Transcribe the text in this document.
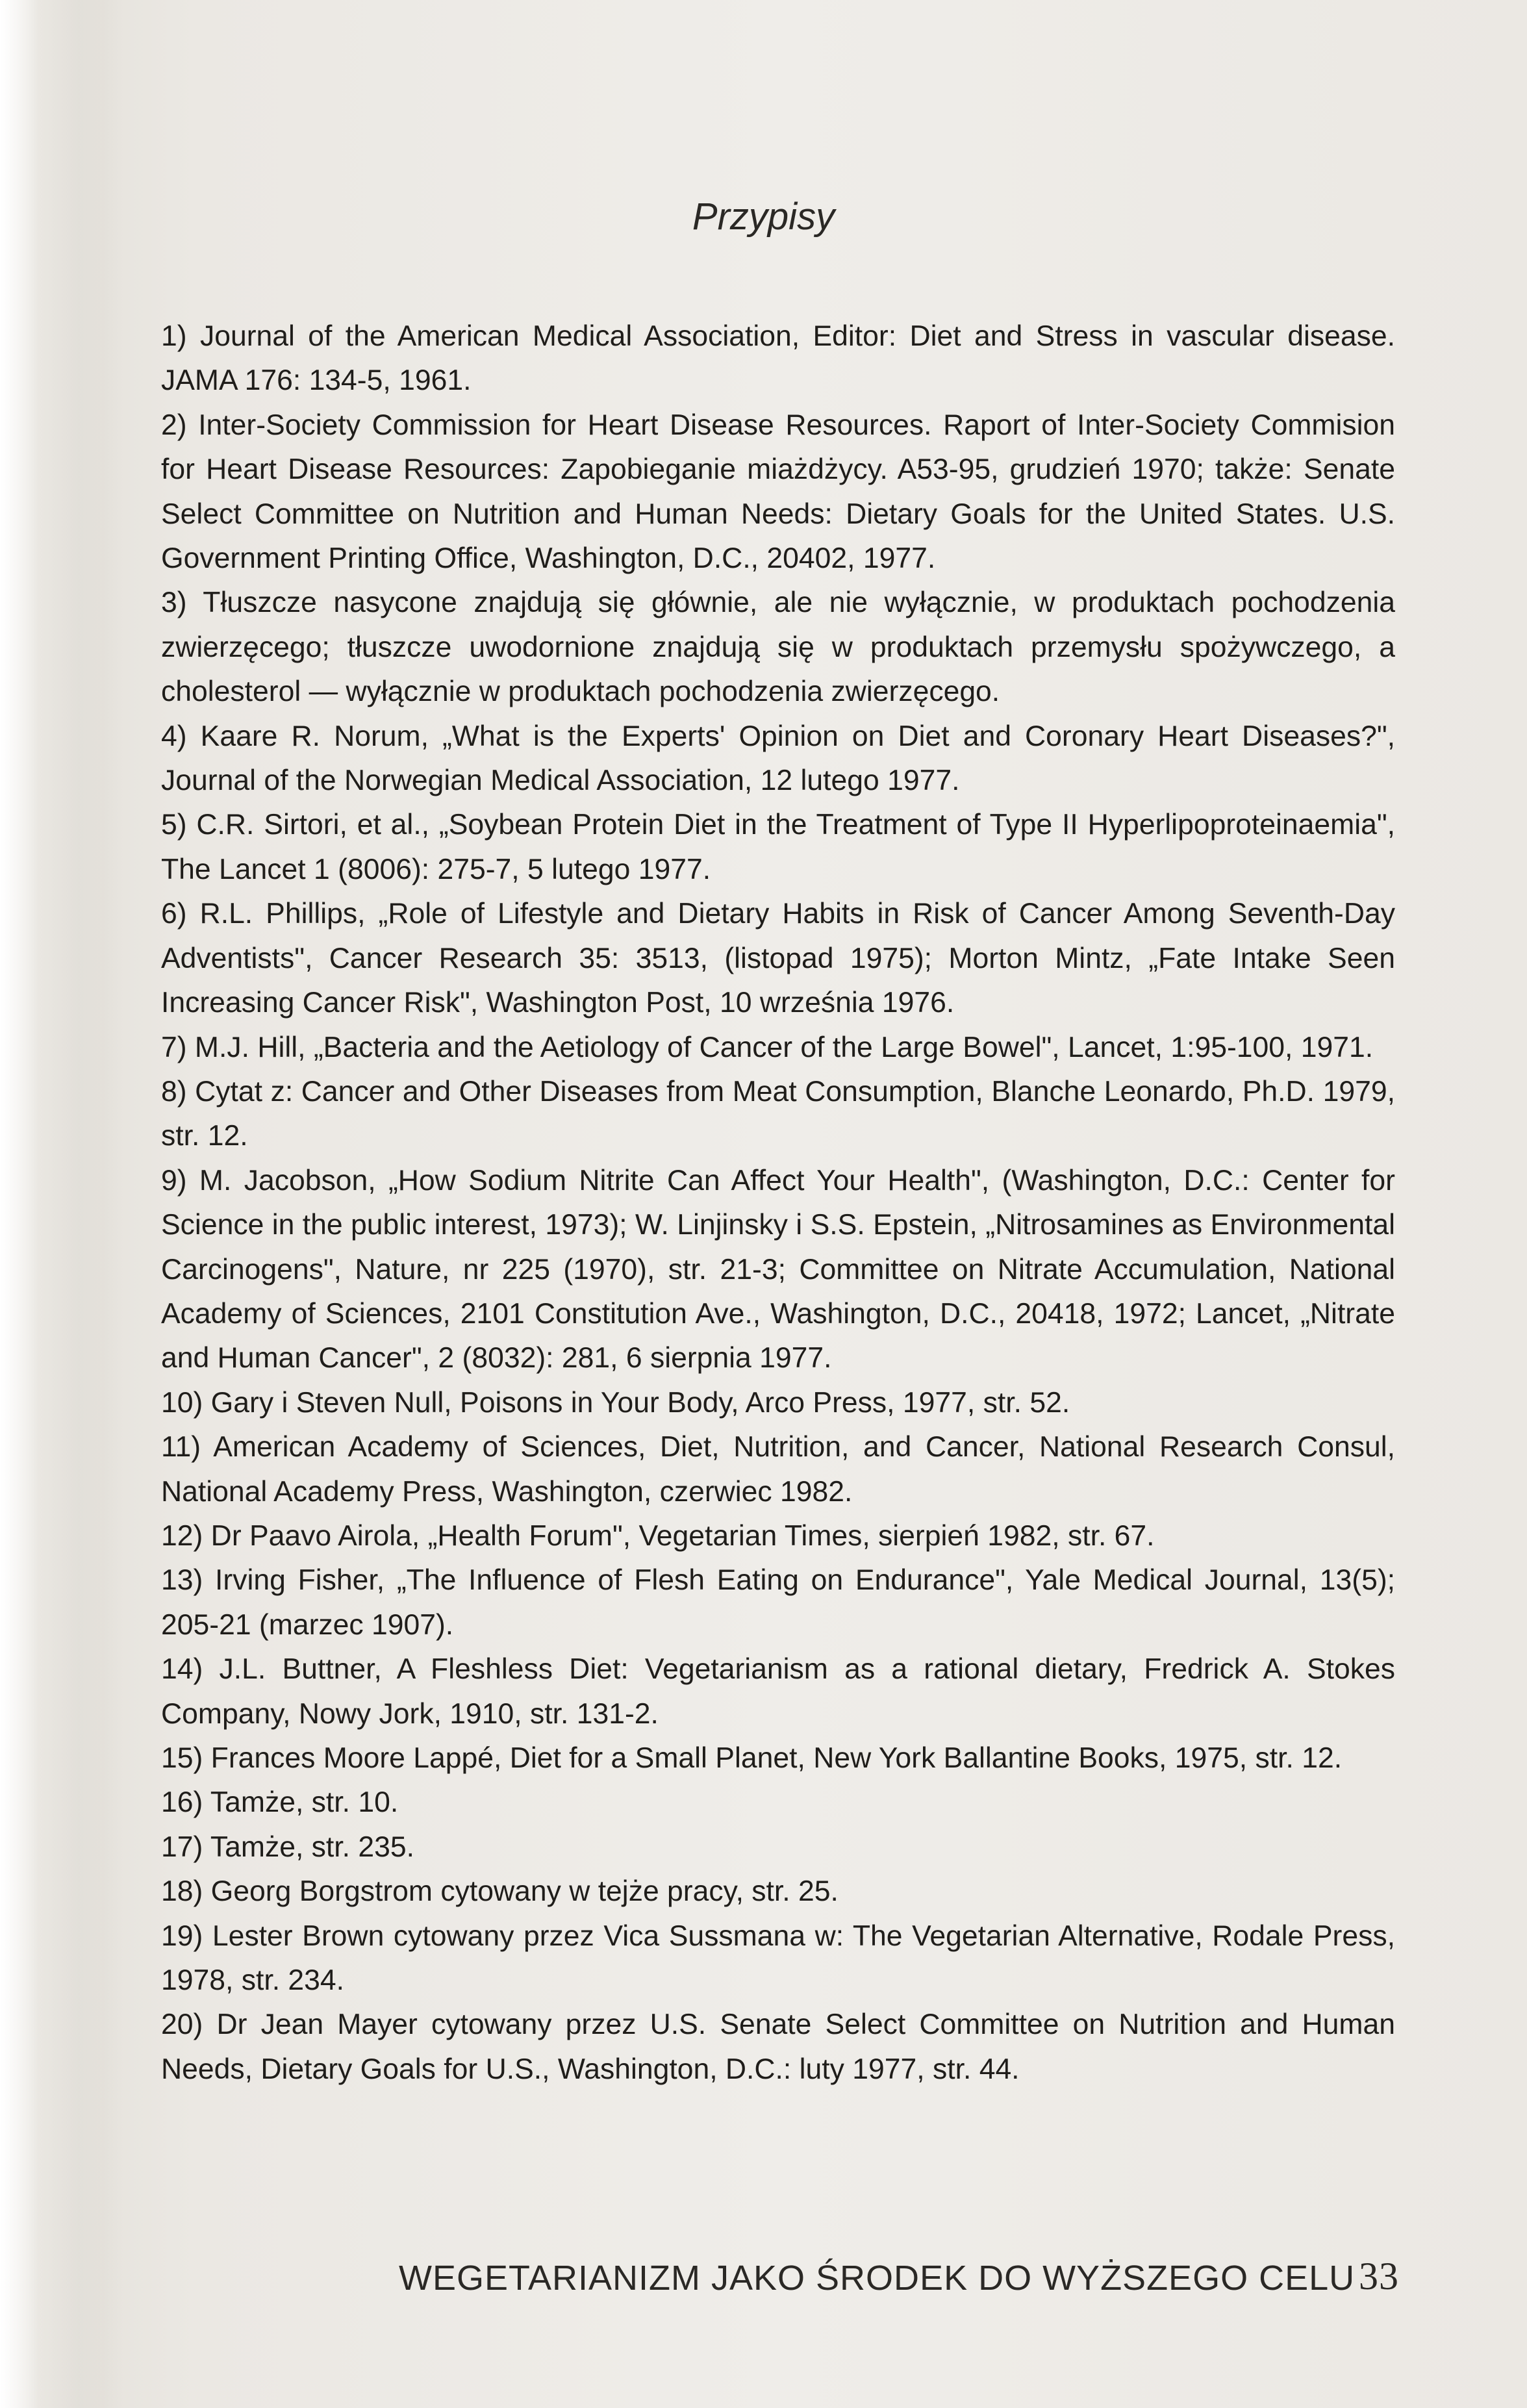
Przypisy

1) Journal of the American Medical Association, Editor: Diet and Stress in vascular disease. JAMA 176: 134-5, 1961.

2) Inter-Society Commission for Heart Disease Resources. Raport of Inter-Society Commision for Heart Disease Resources: Zapobieganie miażdżycy. A53-95, grudzień 1970; także: Senate Select Committee on Nutrition and Human Needs: Dietary Goals for the United States. U.S. Government Printing Office, Washington, D.C., 20402, 1977.

3) Tłuszcze nasycone znajdują się głównie, ale nie wyłącznie, w produktach pochodzenia zwierzęcego; tłuszcze uwodornione znajdują się w produktach przemysłu spożywczego, a cholesterol — wyłącznie w produktach pochodzenia zwierzęcego.

4) Kaare R. Norum, „What is the Experts' Opinion on Diet and Coronary Heart Diseases?", Journal of the Norwegian Medical Association, 12 lutego 1977.

5) C.R. Sirtori, et al., „Soybean Protein Diet in the Treatment of Type II Hyperlipoproteinaemia", The Lancet 1 (8006): 275-7, 5 lutego 1977.

6) R.L. Phillips, „Role of Lifestyle and Dietary Habits in Risk of Cancer Among Seventh-Day Adventists", Cancer Research 35: 3513, (listopad 1975); Morton Mintz, „Fate Intake Seen Increasing Cancer Risk", Washington Post, 10 września 1976.

7) M.J. Hill, „Bacteria and the Aetiology of Cancer of the Large Bowel", Lancet, 1:95-100, 1971.

8) Cytat z: Cancer and Other Diseases from Meat Consumption, Blanche Leonardo, Ph.D. 1979, str. 12.

9) M. Jacobson, „How Sodium Nitrite Can Affect Your Health", (Washington, D.C.: Center for Science in the public interest, 1973); W. Linjinsky i S.S. Epstein, „Nitrosamines as Environmental Carcinogens", Nature, nr 225 (1970), str. 21-3; Committee on Nitrate Accumulation, National Academy of Sciences, 2101 Constitution Ave., Washington, D.C., 20418, 1972; Lancet, „Nitrate and Human Cancer", 2 (8032): 281, 6 sierpnia 1977.

10) Gary i Steven Null, Poisons in Your Body, Arco Press, 1977, str. 52.

11) American Academy of Sciences, Diet, Nutrition, and Cancer, National Research Consul, National Academy Press, Washington, czerwiec 1982.

12) Dr Paavo Airola, „Health Forum", Vegetarian Times, sierpień 1982, str. 67.

13) Irving Fisher, „The Influence of Flesh Eating on Endurance", Yale Medical Journal, 13(5); 205-21 (marzec 1907).

14) J.L. Buttner, A Fleshless Diet: Vegetarianism as a rational dietary, Fredrick A. Stokes Company, Nowy Jork, 1910, str. 131-2.

15) Frances Moore Lappé, Diet for a Small Planet, New York Ballantine Books, 1975, str. 12.

16) Tamże, str. 10.

17) Tamże, str. 235.

18) Georg Borgstrom cytowany w tejże pracy, str. 25.

19) Lester Brown cytowany przez Vica Sussmana w: The Vegetarian Alternative, Rodale Press, 1978, str. 234.

20) Dr Jean Mayer cytowany przez U.S. Senate Select Committee on Nutrition and Human Needs, Dietary Goals for U.S., Washington, D.C.: luty 1977, str. 44.

WEGETARIANIZM JAKO ŚRODEK DO WYŻSZEGO CELU 33
